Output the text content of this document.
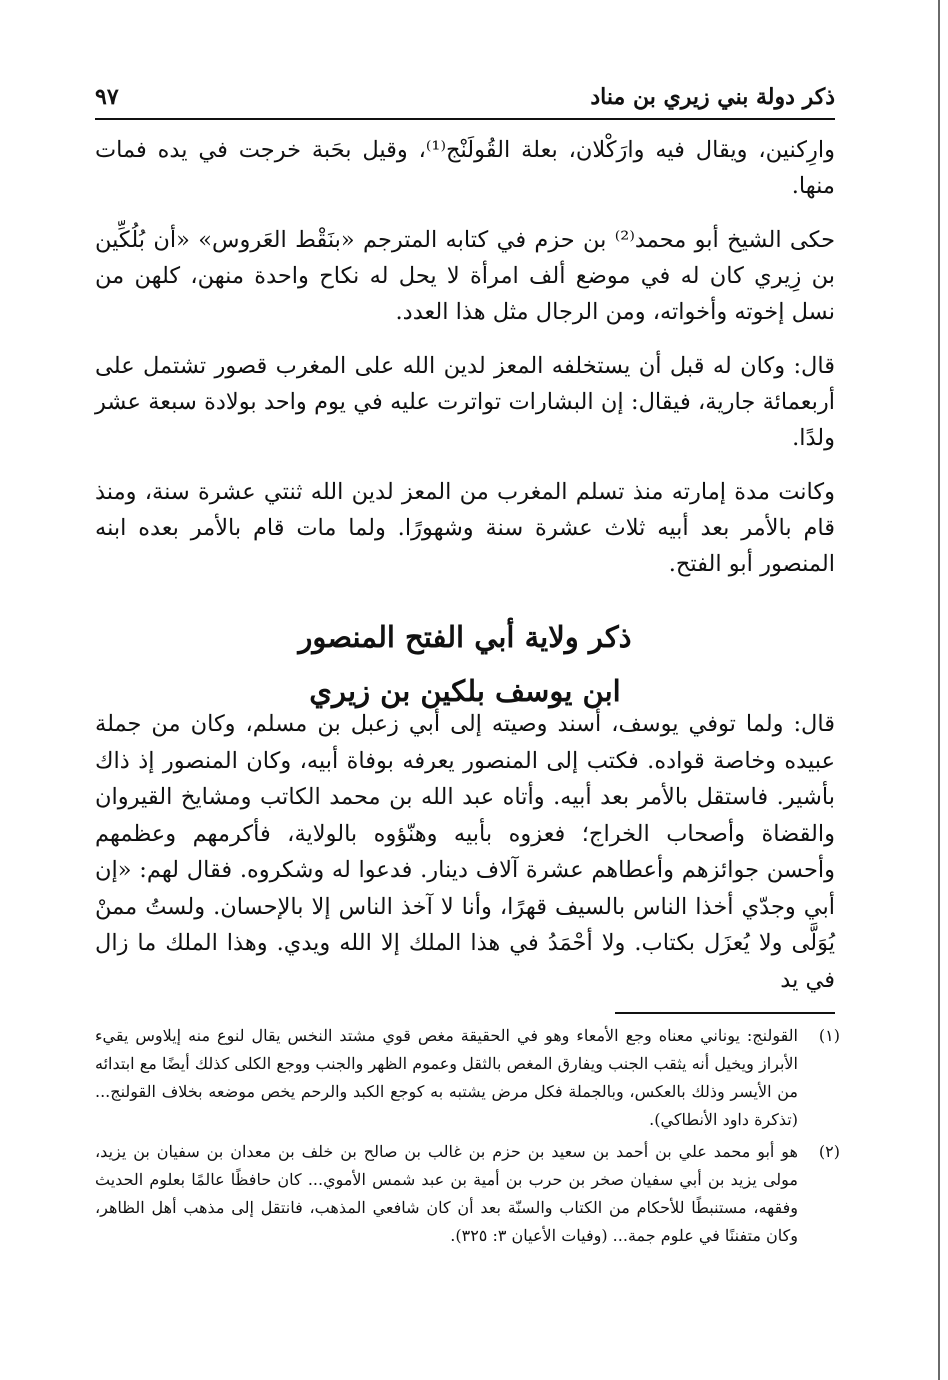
ذكر دولة بني زيري بن مناد
٩٧

وارِكنين، ويقال فيه وارَكْلان، بعلة القُولَنْج⁽¹⁾، وقيل بحَبة خرجت في يده فمات منها.

حكى الشيخ أبو محمد⁽²⁾ بن حزم في كتابه المترجم «بنَقْط العَروس» «أن بُلُكِّين بن زِيري كان له في موضع ألف امرأة لا يحل له نكاح واحدة منهن، كلهن من نسل إخوته وأخواته، ومن الرجال مثل هذا العدد.

قال: وكان له قبل أن يستخلفه المعز لدين الله على المغرب قصور تشتمل على أربعمائة جارية، فيقال: إن البشارات تواترت عليه في يوم واحد بولادة سبعة عشر ولدًا.

وكانت مدة إمارته منذ تسلم المغرب من المعز لدين الله ثنتي عشرة سنة، ومنذ قام بالأمر بعد أبيه ثلاث عشرة سنة وشهورًا. ولما مات قام بالأمر بعده ابنه المنصور أبو الفتح.

ذكر ولاية أبي الفتح المنصور
ابن يوسف بلكين بن زيري

قال: ولما توفي يوسف، أسند وصيته إلى أبي زعبل بن مسلم، وكان من جملة عبيده وخاصة قواده. فكتب إلى المنصور يعرفه بوفاة أبيه، وكان المنصور إذ ذاك بأشير. فاستقل بالأمر بعد أبيه. وأتاه عبد الله بن محمد الكاتب ومشايخ القيروان والقضاة وأصحاب الخراج؛ فعزوه بأبيه وهنّؤوه بالولاية، فأكرمهم وعظمهم وأحسن جوائزهم وأعطاهم عشرة آلاف دينار. فدعوا له وشكروه. فقال لهم: «إن أبي وجدّي أخذا الناس بالسيف قهرًا، وأنا لا آخذ الناس إلا بالإحسان. ولستُ ممنْ يُوَلَّى ولا يُعزَل بكتاب. ولا أحْمَدُ في هذا الملك إلا الله ويدي. وهذا الملك ما زال في يد

(١)
القولنج: يوناني معناه وجع الأمعاء وهو في الحقيقة مغص قوي مشتد النخس يقال لنوع منه إيلاوس يقيء الأبراز ويخيل أنه يثقب الجنب ويفارق المغص بالثقل وعموم الظهر والجنب ووجع الكلى كذلك أيضًا مع ابتدائه من الأيسر وذلك بالعكس، وبالجملة فكل مرض يشتبه به كوجع الكبد والرحم يخص موضعه بخلاف القولنج... (تذكرة داود الأنطاكي).
(٢)
هو أبو محمد علي بن أحمد بن سعيد بن حزم بن غالب بن صالح بن خلف بن معدان بن سفيان بن يزيد، مولى يزيد بن أبي سفيان صخر بن حرب بن أمية بن عبد شمس الأموي... كان حافظًا عالمًا بعلوم الحديث وفقهه، مستنبطًا للأحكام من الكتاب والسنّة بعد أن كان شافعي المذهب، فانتقل إلى مذهب أهل الظاهر، وكان متفننًا في علوم جمة... (وفيات الأعيان ٣: ٣٢٥).
